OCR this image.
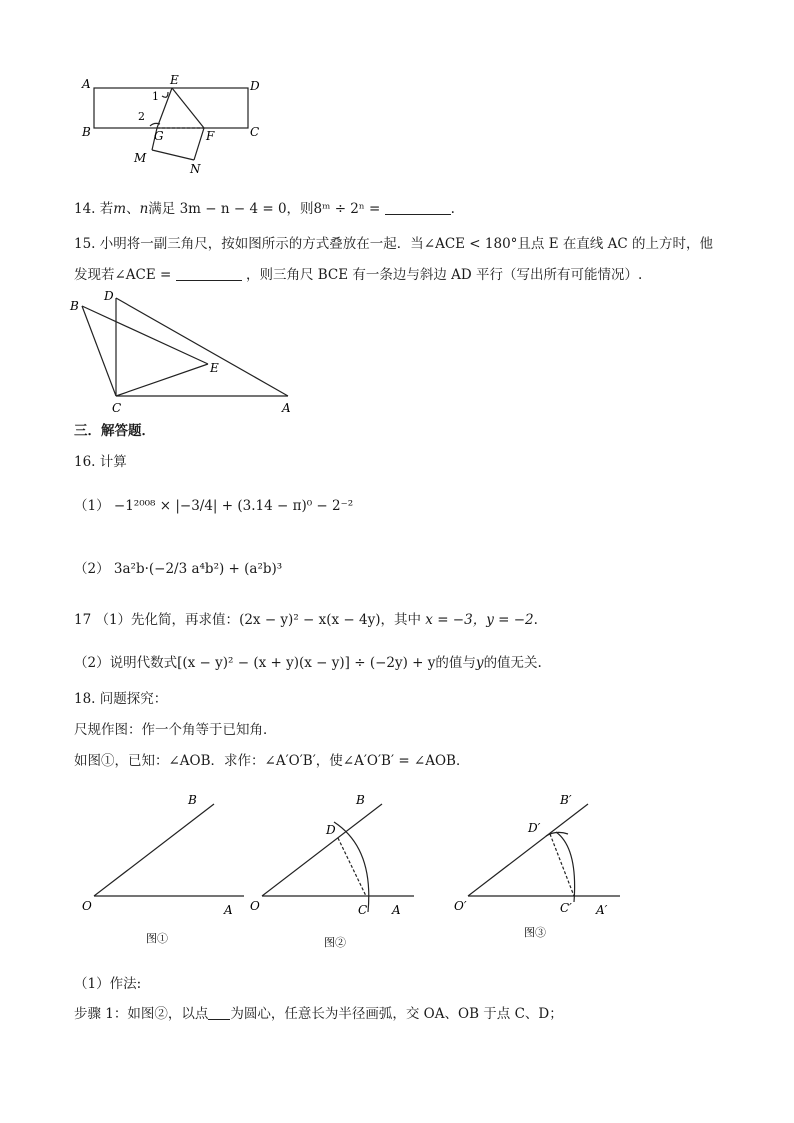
A	E	D
B	C
1
2
G	F
M
N
14. 若m、n满足 3m − n − 4 = 0，则8ᵐ ÷ 2ⁿ =	.
15. 小明将一副三角尺，按如图所示的方式叠放在一起．当∠ACE < 180°且点 E 在直线 AC 的上方时，他
发现若∠ACE =	，则三角尺 BCE 有一条边与斜边 AD 平行（写出所有可能情况）.
D
B
E
C	A
三．解答题．
16. 计算
（1） −1²⁰⁰⁸ × |−3/4| + (3.14 − π)⁰ − 2⁻²
（2） 3a²b·(−2/3 a⁴b²) + (a²b)³
17 （1）先化简，再求值：(2x − y)² − x(x − 4y)，其中 x = −3，y = −2.
（2）说明代数式[(x − y)² − (x + y)(x − y)] ÷ (−2y) + y的值与y的值无关.
18. 问题探究：
尺规作图：作一个角等于已知角．
如图①，已知：∠AOB．求作：∠A′O′B′，使∠A′O′B′ = ∠AOB．
O	A
B
图①
O	A
B
D
C
图②
O′	A′
B′
D′
C′
图③
（1）作法:
步骤 1：如图②，以点 为圆心，任意长为半径画弧，交 OA、OB 于点 C、D；
